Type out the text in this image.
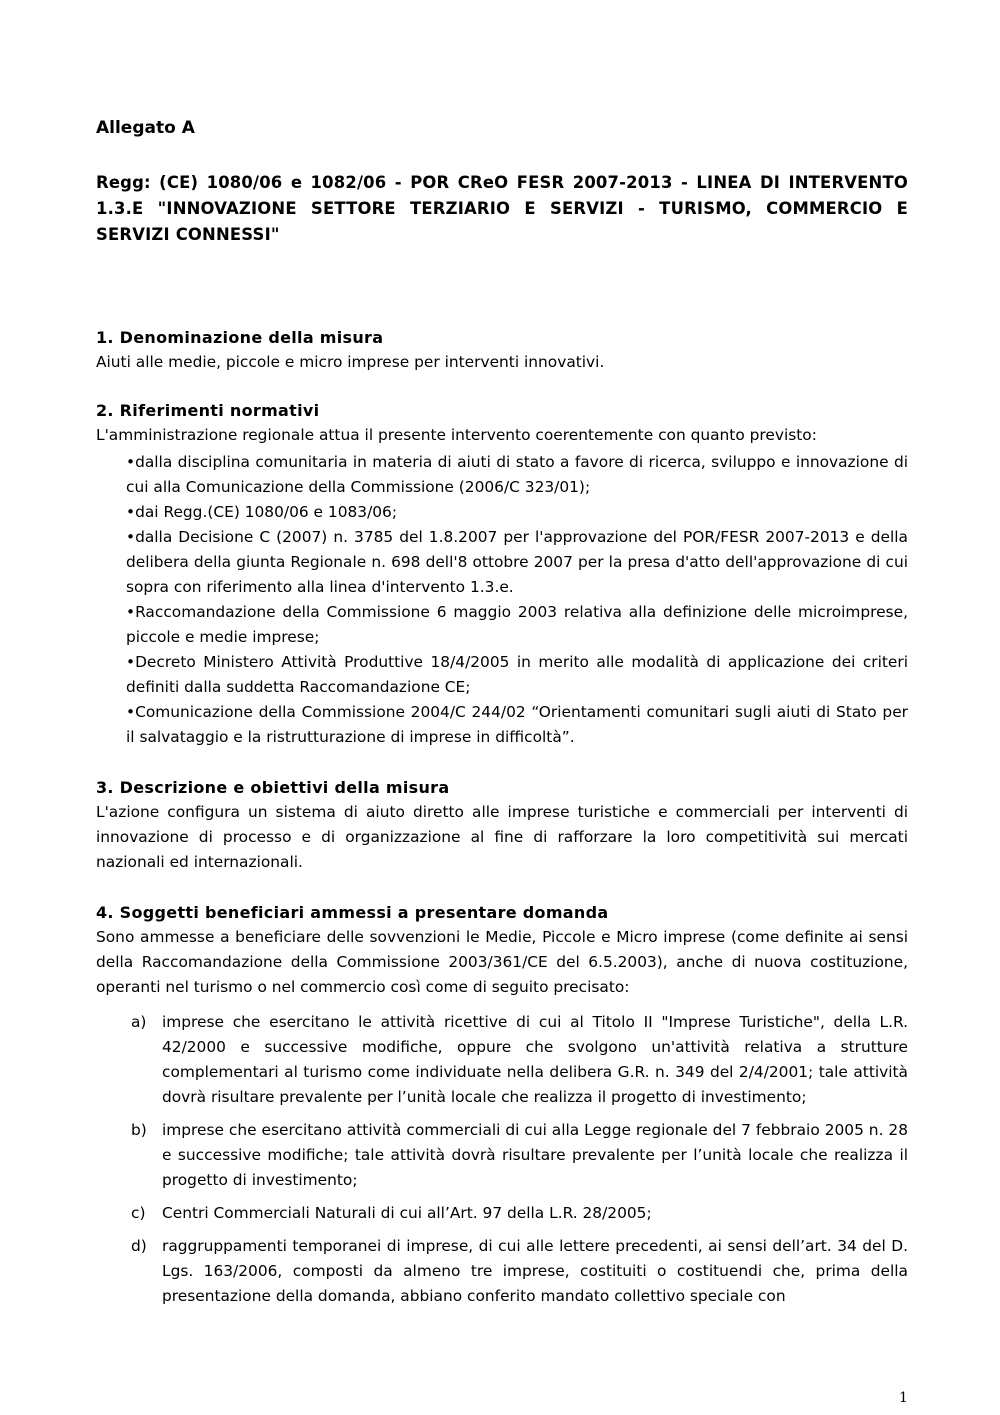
Allegato A
Regg: (CE) 1080/06 e 1082/06 - POR CReO FESR 2007-2013 - LINEA DI INTERVENTO 1.3.E "INNOVAZIONE SETTORE TERZIARIO E SERVIZI - TURISMO, COMMERCIO E SERVIZI CONNESSI"
1. Denominazione della misura

Aiuti alle medie, piccole e micro imprese per interventi innovativi.

2. Riferimenti normativi

L'amministrazione regionale attua il presente intervento coerentemente con quanto previsto:

•dalla disciplina comunitaria in materia di aiuti di stato a favore di ricerca, sviluppo e innovazione di cui alla Comunicazione della Commissione (2006/C 323/01);
•dai Regg.(CE) 1080/06 e 1083/06;
•dalla Decisione C (2007) n. 3785 del 1.8.2007 per l'approvazione del POR/FESR 2007-2013 e della delibera della giunta Regionale n. 698 dell'8 ottobre 2007 per la presa d'atto dell'approvazione di cui sopra con riferimento alla linea d'intervento 1.3.e.
•Raccomandazione della Commissione 6 maggio 2003 relativa alla definizione delle microimprese, piccole e medie imprese;
•Decreto Ministero Attività Produttive 18/4/2005 in merito alle modalità di applicazione dei criteri definiti dalla suddetta Raccomandazione CE;
•Comunicazione della Commissione 2004/C 244/02 “Orientamenti comunitari sugli aiuti di Stato per il salvataggio e la ristrutturazione di imprese in difficoltà”.
3. Descrizione e obiettivi della misura

L'azione configura un sistema di aiuto diretto alle imprese turistiche e commerciali per interventi di innovazione di processo e di organizzazione al fine di rafforzare la loro competitività sui mercati nazionali ed internazionali.

4. Soggetti beneficiari ammessi a presentare domanda

Sono ammesse a beneficiare delle sovvenzioni le Medie, Piccole e Micro imprese (come definite ai sensi della Raccomandazione della Commissione 2003/361/CE del 6.5.2003), anche di nuova costituzione, operanti nel turismo o nel commercio così come di seguito precisato:

a) imprese che esercitano le attività ricettive di cui al Titolo II "Imprese Turistiche", della L.R. 42/2000 e successive modifiche, oppure che svolgono un'attività relativa a strutture complementari al turismo come individuate nella delibera G.R. n. 349 del 2/4/2001; tale attività dovrà risultare prevalente per l’unità locale che realizza il progetto di investimento;
b) imprese che esercitano attività commerciali di cui alla Legge regionale del 7 febbraio 2005 n. 28 e successive modifiche; tale attività dovrà risultare prevalente per l’unità locale che realizza il progetto di investimento;
c) Centri Commerciali Naturali di cui all’Art. 97 della L.R. 28/2005;
d) raggruppamenti temporanei di imprese, di cui alle lettere precedenti, ai sensi dell’art. 34 del D. Lgs. 163/2006, composti da almeno tre imprese, costituiti o costituendi che, prima della presentazione della domanda, abbiano conferito mandato collettivo speciale con
1
